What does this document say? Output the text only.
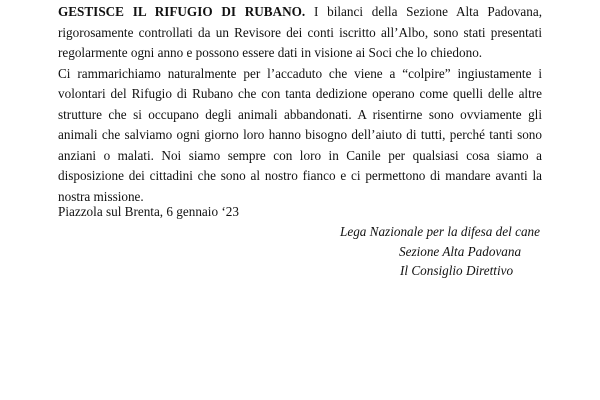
GESTISCE IL RIFUGIO DI RUBANO. I bilanci della Sezione Alta Padovana, rigorosamente controllati da un Revisore dei conti iscritto all’Albo, sono stati presentati regolarmente ogni anno e possono essere dati in visione ai Soci che lo chiedono.

Ci rammarichiamo naturalmente per l’accaduto che viene a “colpire” ingiustamente i volontari del Rifugio di Rubano che con tanta dedizione operano come quelli delle altre strutture che si occupano degli animali abbandonati. A risentirne sono ovviamente gli animali che salviamo ogni giorno loro hanno bisogno dell’aiuto di tutti, perché tanti sono anziani o malati. Noi siamo sempre con loro in Canile per qualsiasi cosa siamo a disposizione dei cittadini che sono al nostro fianco e ci permettono di mandare avanti la nostra missione.

Piazzola sul Brenta, 6 gennaio ‘23
Lega Nazionale per la difesa del cane
Sezione Alta Padovana
Il Consiglio Direttivo
